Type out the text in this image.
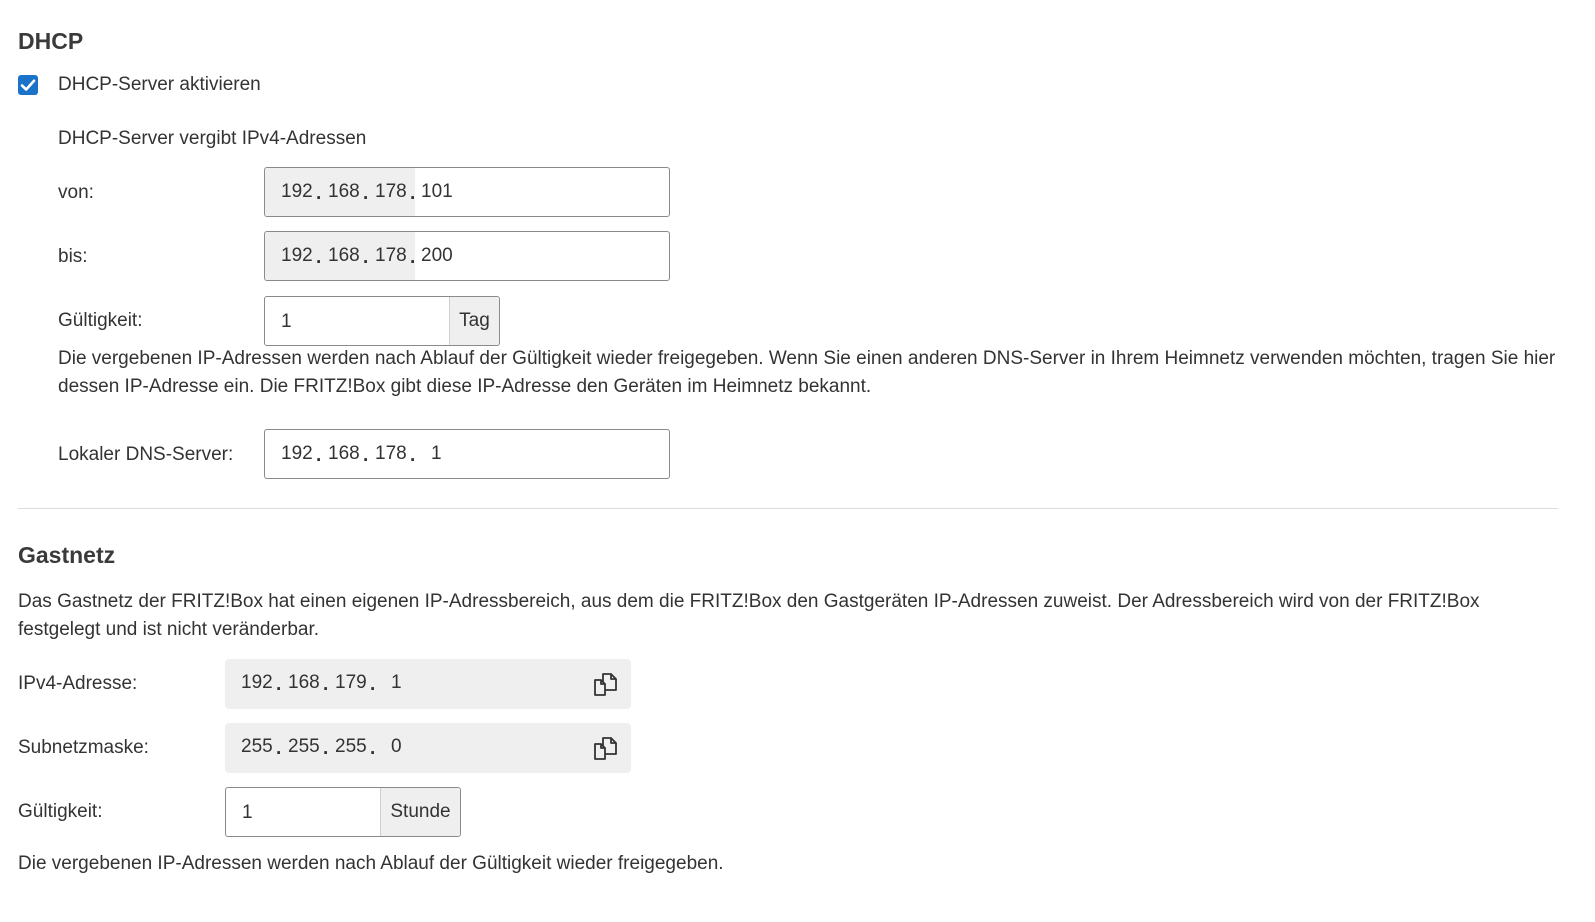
DHCP
DHCP-Server aktivieren
DHCP-Server vergibt IPv4-Adressen
von:	192 . 168 . 178 . 101
bis:	192 . 168 . 178 . 200
Gültigkeit:	1	Tag

Die vergebenen IP-Adressen werden nach Ablauf der Gültigkeit wieder freigegeben. Wenn Sie einen anderen DNS-Server in Ihrem Heimnetz verwenden möchten, tragen Sie hier dessen IP-Adresse ein. Die FRITZ!Box gibt diese IP-Adresse den Geräten im Heimnetz bekannt.

Lokaler DNS-Server:	192 . 168 . 178 . 1
Gastnetz

Das Gastnetz der FRITZ!Box hat einen eigenen IP-Adressbereich, aus dem die FRITZ!Box den Gastgeräten IP-Adressen zuweist. Der Adressbereich wird von der FRITZ!Box festgelegt und ist nicht veränderbar.

IPv4-Adresse:	192 . 168 . 179 . 1
Subnetzmaske:	255 . 255 . 255 . 0
Gültigkeit:	1	Stunde

Die vergebenen IP-Adressen werden nach Ablauf der Gültigkeit wieder freigegeben.
